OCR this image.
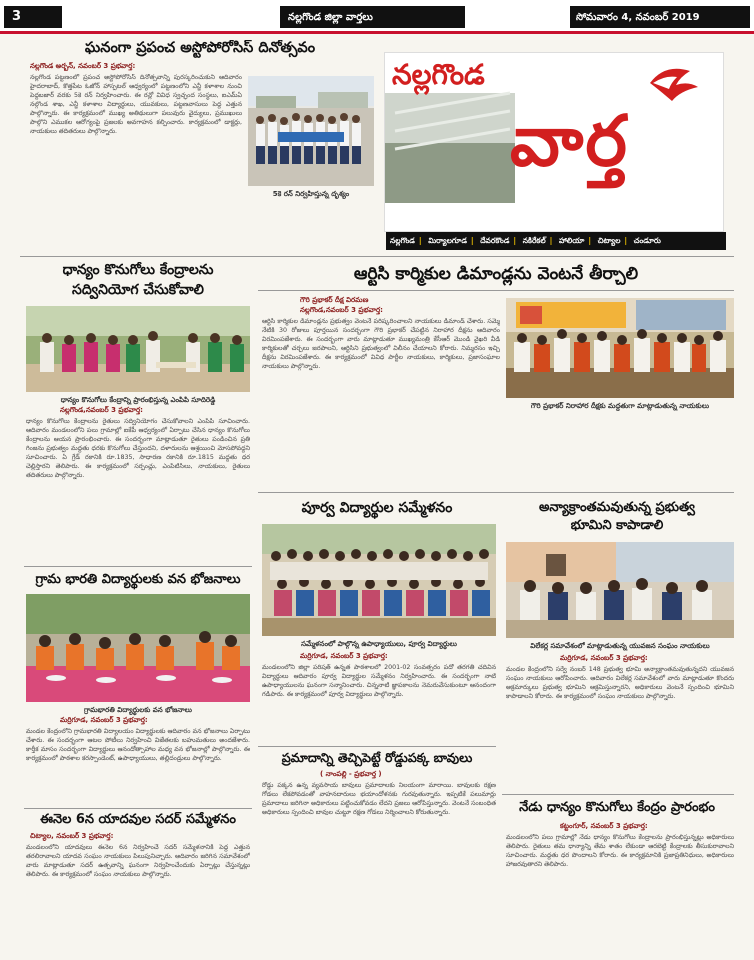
3	నల్లగొండ జిల్లా వార్తలు	సోమవారం 4, నవంబర్ 2019
ఘనంగా ప్రపంచ అస్టోపోరోసిస్ దినోత్సవం
నల్లగొండ అర్బన్, నవంబర్ 3 ప్రభవార్త:
నల్లగొండ పట్టణంలో ప్రపంచ అస్టోపోరోసిస్ దినోత్సవాన్ని పురస్కరించుకుని ఆదివారం హైదరాబాద్, కొత్తపేట ఓజోన్ హాస్పటల్ ఆధ్వర్యంలో పట్టణంలోని ఎన్జీ కళాశాల నుంచి పెద్దబజార్ వరకు 5కె రన్ నిర్వహించారు. ఈ రన్లో వివిధ స్వచ్ఛంద సంస్థలు, ఐఎమ్ఏ నల్గొండ శాఖ, ఎన్జీ కళాశాల విద్యార్థులు, యువకులు, పట్టణవాసులు పెద్ద ఎత్తున పాల్గొన్నారు. ఈ కార్యక్రమంలో ముఖ్య అతిథులుగా పలువురు వైద్యులు, ప్రముఖులు పాల్గొని ఎముకల ఆరోగ్యంపై ప్రజలకు అవగాహన కల్పించారు. కార్యక్రమంలో డాక్టర్లు, నాయకులు తదితరులు పాల్గొన్నారు.
5కె రన్ నిర్వహిస్తున్న దృశ్యం
నల్లగొండ
వార్త
నల్లగొండ | మిర్యాలగూడ | దేవరకొండ | నకిరేకల్ | హాలియా | చిట్యాల | చండూరు
ధాన్యం కొనుగోలు కేంద్రాలను
సద్వినియోగ చేసుకోవాలి
ధాన్యం కొనుగోలు కేంద్రాన్ని ప్రారంభిస్తున్న ఎంపిపి సూదిరెడ్డి
నల్లగొండ,నవంబర్ 3 ప్రభవార్త:
ధాన్యం కొనుగోలు కేంద్రాలను రైతులు సద్వినియోగం చేసుకోవాలని ఎంపిపి సూచించారు. ఆదివారం మండలంలోని పలు గ్రామాల్లో ఐకేపీ ఆధ్వర్యంలో ఏర్పాటు చేసిన ధాన్యం కొనుగోలు కేంద్రాలను ఆయన ప్రారంభించారు. ఈ సందర్భంగా మాట్లాడుతూ రైతులు పండించిన ప్రతి గింజను ప్రభుత్వం మద్దతు ధరకు కొనుగోలు చేస్తుందని, దళారులను ఆశ్రయించి మోసపోవద్దని సూచించారు. ఏ గ్రేడ్ రకానికి రూ.1835, సాధారణ రకానికి రూ.1815 మద్దతు ధర చెల్లిస్తారని తెలిపారు. ఈ కార్యక్రమంలో సర్పంచ్లు, ఎంపిటిసిలు, నాయకులు, రైతులు తదితరులు పాల్గొన్నారు.
గ్రామ భారతి విద్యార్థులకు వన భోజనాలు
గ్రామభారతి విద్యార్థులకు వన భోజనాలు
మర్రిగూడ, నవంబర్ 3 ప్రభవార్త:
మండల కేంద్రంలోని గ్రామభారతి విద్యాలయం విద్యార్థులకు ఆదివారం వన భోజనాలు ఏర్పాటు చేశారు. ఈ సందర్భంగా ఆటల పోటీలు నిర్వహించి విజేతలకు బహుమతులు అందజేశారు. కార్తీక మాసం సందర్భంగా విద్యార్థులు ఆనందోత్సాహాల మధ్య వన భోజనాల్లో పాల్గొన్నారు. ఈ కార్యక్రమంలో పాఠశాల కరస్పాండెంట్, ఉపాధ్యాయులు, తల్లిదండ్రులు పాల్గొన్నారు.
ఈనెల 6న యాదవుల సదర్ సమ్మేళనం
చిట్యాల, నవంబర్ 3 ప్రభవార్త:
మండలంలోని యాదవులు ఈనెల 6న నిర్వహించే సదర్ సమ్మేళనానికి పెద్ద ఎత్తున తరలిరావాలని యాదవ సంఘం నాయకులు పిలుపునిచ్చారు. ఆదివారం జరిగిన సమావేశంలో వారు మాట్లాడుతూ సదర్ ఉత్సవాన్ని ఘనంగా నిర్వహించేందుకు ఏర్పాట్లు చేస్తున్నట్లు తెలిపారు. ఈ కార్యక్రమంలో సంఘం నాయకులు పాల్గొన్నారు.
ఆర్టిసి కార్మికుల డిమాండ్లను వెంటనే తీర్చాలి
గౌరి ప్రభాకర్ దీక్ష విరమణ
నల్లగొండ,నవంబర్ 3 ప్రభవార్త:
ఆర్టిసి కార్మికుల డిమాండ్లను ప్రభుత్వం వెంటనే పరిష్కరించాలని నాయకులు డిమాండ్ చేశారు. సమ్మె నేటికి 30 రోజులు పూర్తయిన సందర్భంగా గౌరి ప్రభాకర్ చేపట్టిన నిరాహార దీక్షను ఆదివారం విరమింపజేశారు. ఈ సందర్భంగా వారు మాట్లాడుతూ ముఖ్యమంత్రి కేసీఆర్ మొండి వైఖరి వీడి కార్మికులతో చర్చలు జరపాలని, ఆర్టిసిని ప్రభుత్వంలో విలీనం చేయాలని కోరారు. నిమ్మరసం ఇచ్చి దీక్షను విరమింపజేశారు. ఈ కార్యక్రమంలో వివిధ పార్టీల నాయకులు, కార్మికులు, ప్రజాసంఘాల నాయకులు పాల్గొన్నారు.
గౌరి ప్రభాకర్ నిరాహార దీక్షకు మద్దతుగా మాట్లాడుతున్న నాయకులు
పూర్వ విద్యార్థుల సమ్మేళనం
సమ్మేళనంలో పాల్గొన్న ఉపాధ్యాయులు, పూర్వ విద్యార్థులు
మర్రిగూడ, నవంబర్ 3 ప్రభవార్త:
మండలంలోని జిల్లా పరిషత్ ఉన్నత పాఠశాలలో 2001-02 సంవత్సరం పదో తరగతి చదివిన విద్యార్థులు ఆదివారం పూర్వ విద్యార్థుల సమ్మేళనం నిర్వహించారు. ఈ సందర్భంగా నాటి ఉపాధ్యాయులను ఘనంగా సన్మానించారు. చిన్ననాటి జ్ఞాపకాలను నెమరువేసుకుంటూ ఆనందంగా గడిపారు. ఈ కార్యక్రమంలో పూర్వ విద్యార్థులు పాల్గొన్నారు.
ప్రమాదాన్ని తెచ్చిపెట్టే రోడ్డుపక్క బావులు
( నాంపల్లి - ప్రభవార్త )
రోడ్డు పక్కన ఉన్న వ్యవసాయ బావులు ప్రమాదాలకు నిలయంగా మారాయి. బావులకు రక్షణ గోడలు లేకపోవడంతో వాహనదారులు భయాందోళనకు గురవుతున్నారు. ఇప్పటికే పలుమార్లు ప్రమాదాలు జరిగినా అధికారులు పట్టించుకోవడం లేదని ప్రజలు ఆరోపిస్తున్నారు. వెంటనే సంబంధిత అధికారులు స్పందించి బావుల చుట్టూ రక్షణ గోడలు నిర్మించాలని కోరుతున్నారు.
అన్యాక్రాంతమవుతున్న ప్రభుత్వ
భూమిని కాపాడాలి
విలేకర్ల సమావేశంలో మాట్లాడుతున్న యువజన సంఘం నాయకులు
మర్రిగూడ, నవంబర్ 3 ప్రభవార్త:
మండల కేంద్రంలోని సర్వే నంబర్ 148 ప్రభుత్వ భూమి అన్యాక్రాంతమవుతున్నదని యువజన సంఘం నాయకులు ఆరోపించారు. ఆదివారం విలేకర్ల సమావేశంలో వారు మాట్లాడుతూ కొందరు అక్రమార్కులు ప్రభుత్వ భూమిని ఆక్రమిస్తున్నారని, అధికారులు వెంటనే స్పందించి భూమిని కాపాడాలని కోరారు. ఈ కార్యక్రమంలో సంఘం నాయకులు పాల్గొన్నారు.
నేడు ధాన్యం కొనుగోలు కేంద్రం ప్రారంభం
కట్టంగూర్, నవంబర్ 3 ప్రభవార్త:
మండలంలోని పలు గ్రామాల్లో నేడు ధాన్యం కొనుగోలు కేంద్రాలను ప్రారంభిస్తున్నట్లు అధికారులు తెలిపారు. రైతులు తమ ధాన్యాన్ని తేమ శాతం లేకుండా ఆరబెట్టి కేంద్రాలకు తీసుకురావాలని సూచించారు. మద్దతు ధర పొందాలని కోరారు. ఈ కార్యక్రమానికి ప్రజాప్రతినిధులు, అధికారులు హాజరవుతారని తెలిపారు.
